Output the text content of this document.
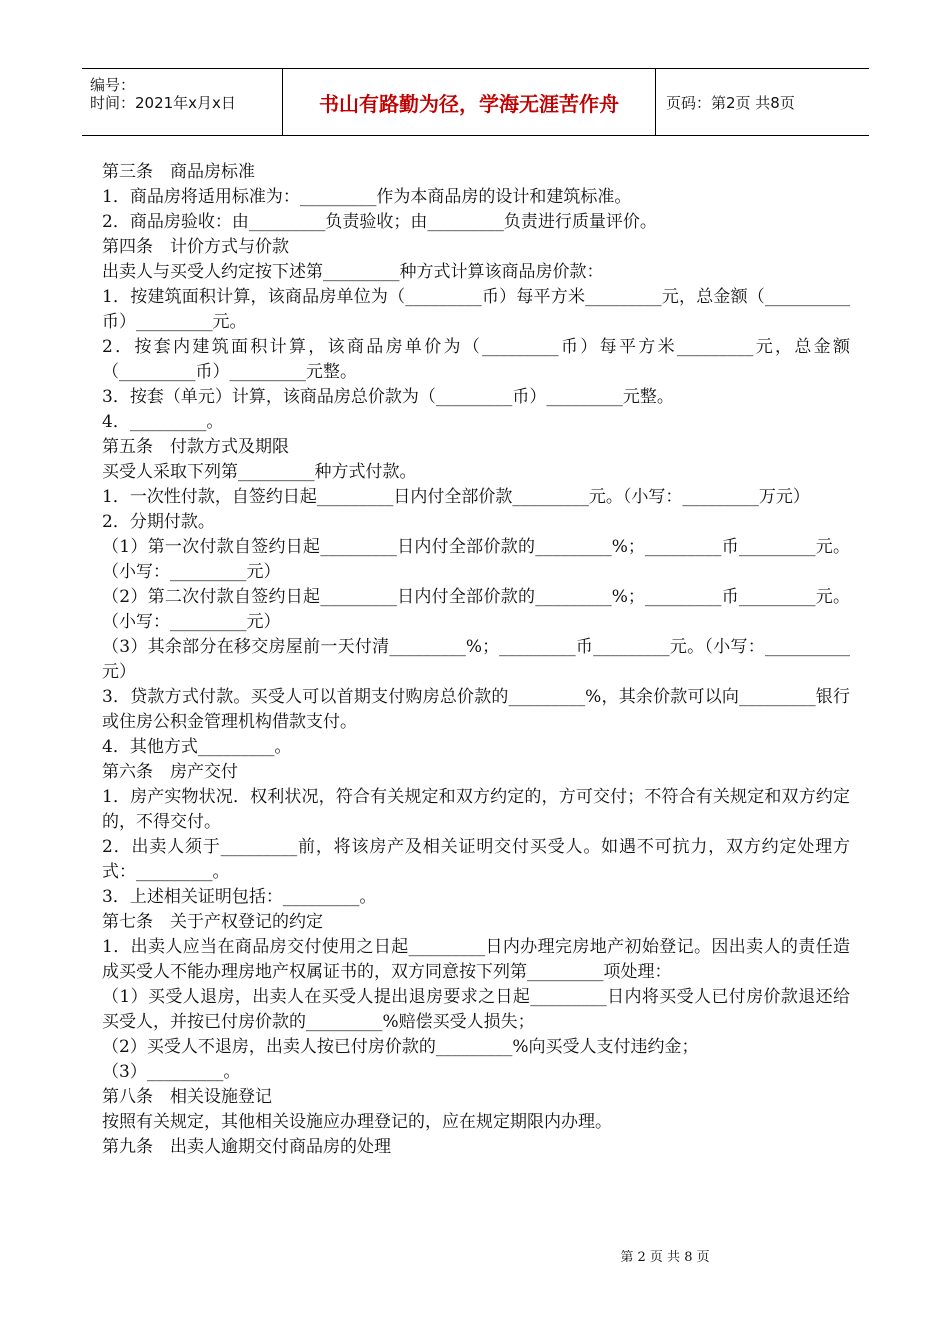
编号：
时间：2021年x月x日	书山有路勤为径，学海无涯苦作舟	页码：第2页 共8页

第三条　商品房标准

1．商品房将适用标准为：_________作为本商品房的设计和建筑标准。

2．商品房验收：由_________负责验收；由_________负责进行质量评价。

第四条　计价方式与价款

出卖人与买受人约定按下述第_________种方式计算该商品房价款：

1．按建筑面积计算，该商品房单位为（_________币）每平方米_________元，总金额（__________币）_________元。

2．按套内建筑面积计算，该商品房单价为（_________币）每平方米_________元，总金额（_________币）_________元整。

3．按套（单元）计算，该商品房总价款为（_________币）_________元整。

4．_________。

第五条　付款方式及期限

买受人采取下列第_________种方式付款。

1．一次性付款，自签约日起_________日内付全部价款_________元。（小写：_________万元）

2．分期付款。

（1）第一次付款自签约日起_________日内付全部价款的_________%；_________币_________元。（小写：_________元）

（2）第二次付款自签约日起_________日内付全部价款的_________%；_________币_________元。（小写：_________元）

（3）其余部分在移交房屋前一天付清_________%；_________币_________元。（小写：__________元）

3．贷款方式付款。买受人可以首期支付购房总价款的_________%，其余价款可以向_________银行或住房公积金管理机构借款支付。

4．其他方式_________。

第六条　房产交付

1．房产实物状况．权利状况，符合有关规定和双方约定的，方可交付；不符合有关规定和双方约定的，不得交付。

2．出卖人须于_________前，将该房产及相关证明交付买受人。如遇不可抗力，双方约定处理方式：_________。

3．上述相关证明包括：_________。

第七条　关于产权登记的约定

1．出卖人应当在商品房交付使用之日起_________日内办理完房地产初始登记。因出卖人的责任造成买受人不能办理房地产权属证书的，双方同意按下列第_________项处理：

（1）买受人退房，出卖人在买受人提出退房要求之日起_________日内将买受人已付房价款退还给买受人，并按已付房价款的_________%赔偿买受人损失；

（2）买受人不退房，出卖人按已付房价款的_________%向买受人支付违约金；

（3）_________。

第八条　相关设施登记

按照有关规定，其他相关设施应办理登记的，应在规定期限内办理。

第九条　出卖人逾期交付商品房的处理

第 2 页 共 8 页
